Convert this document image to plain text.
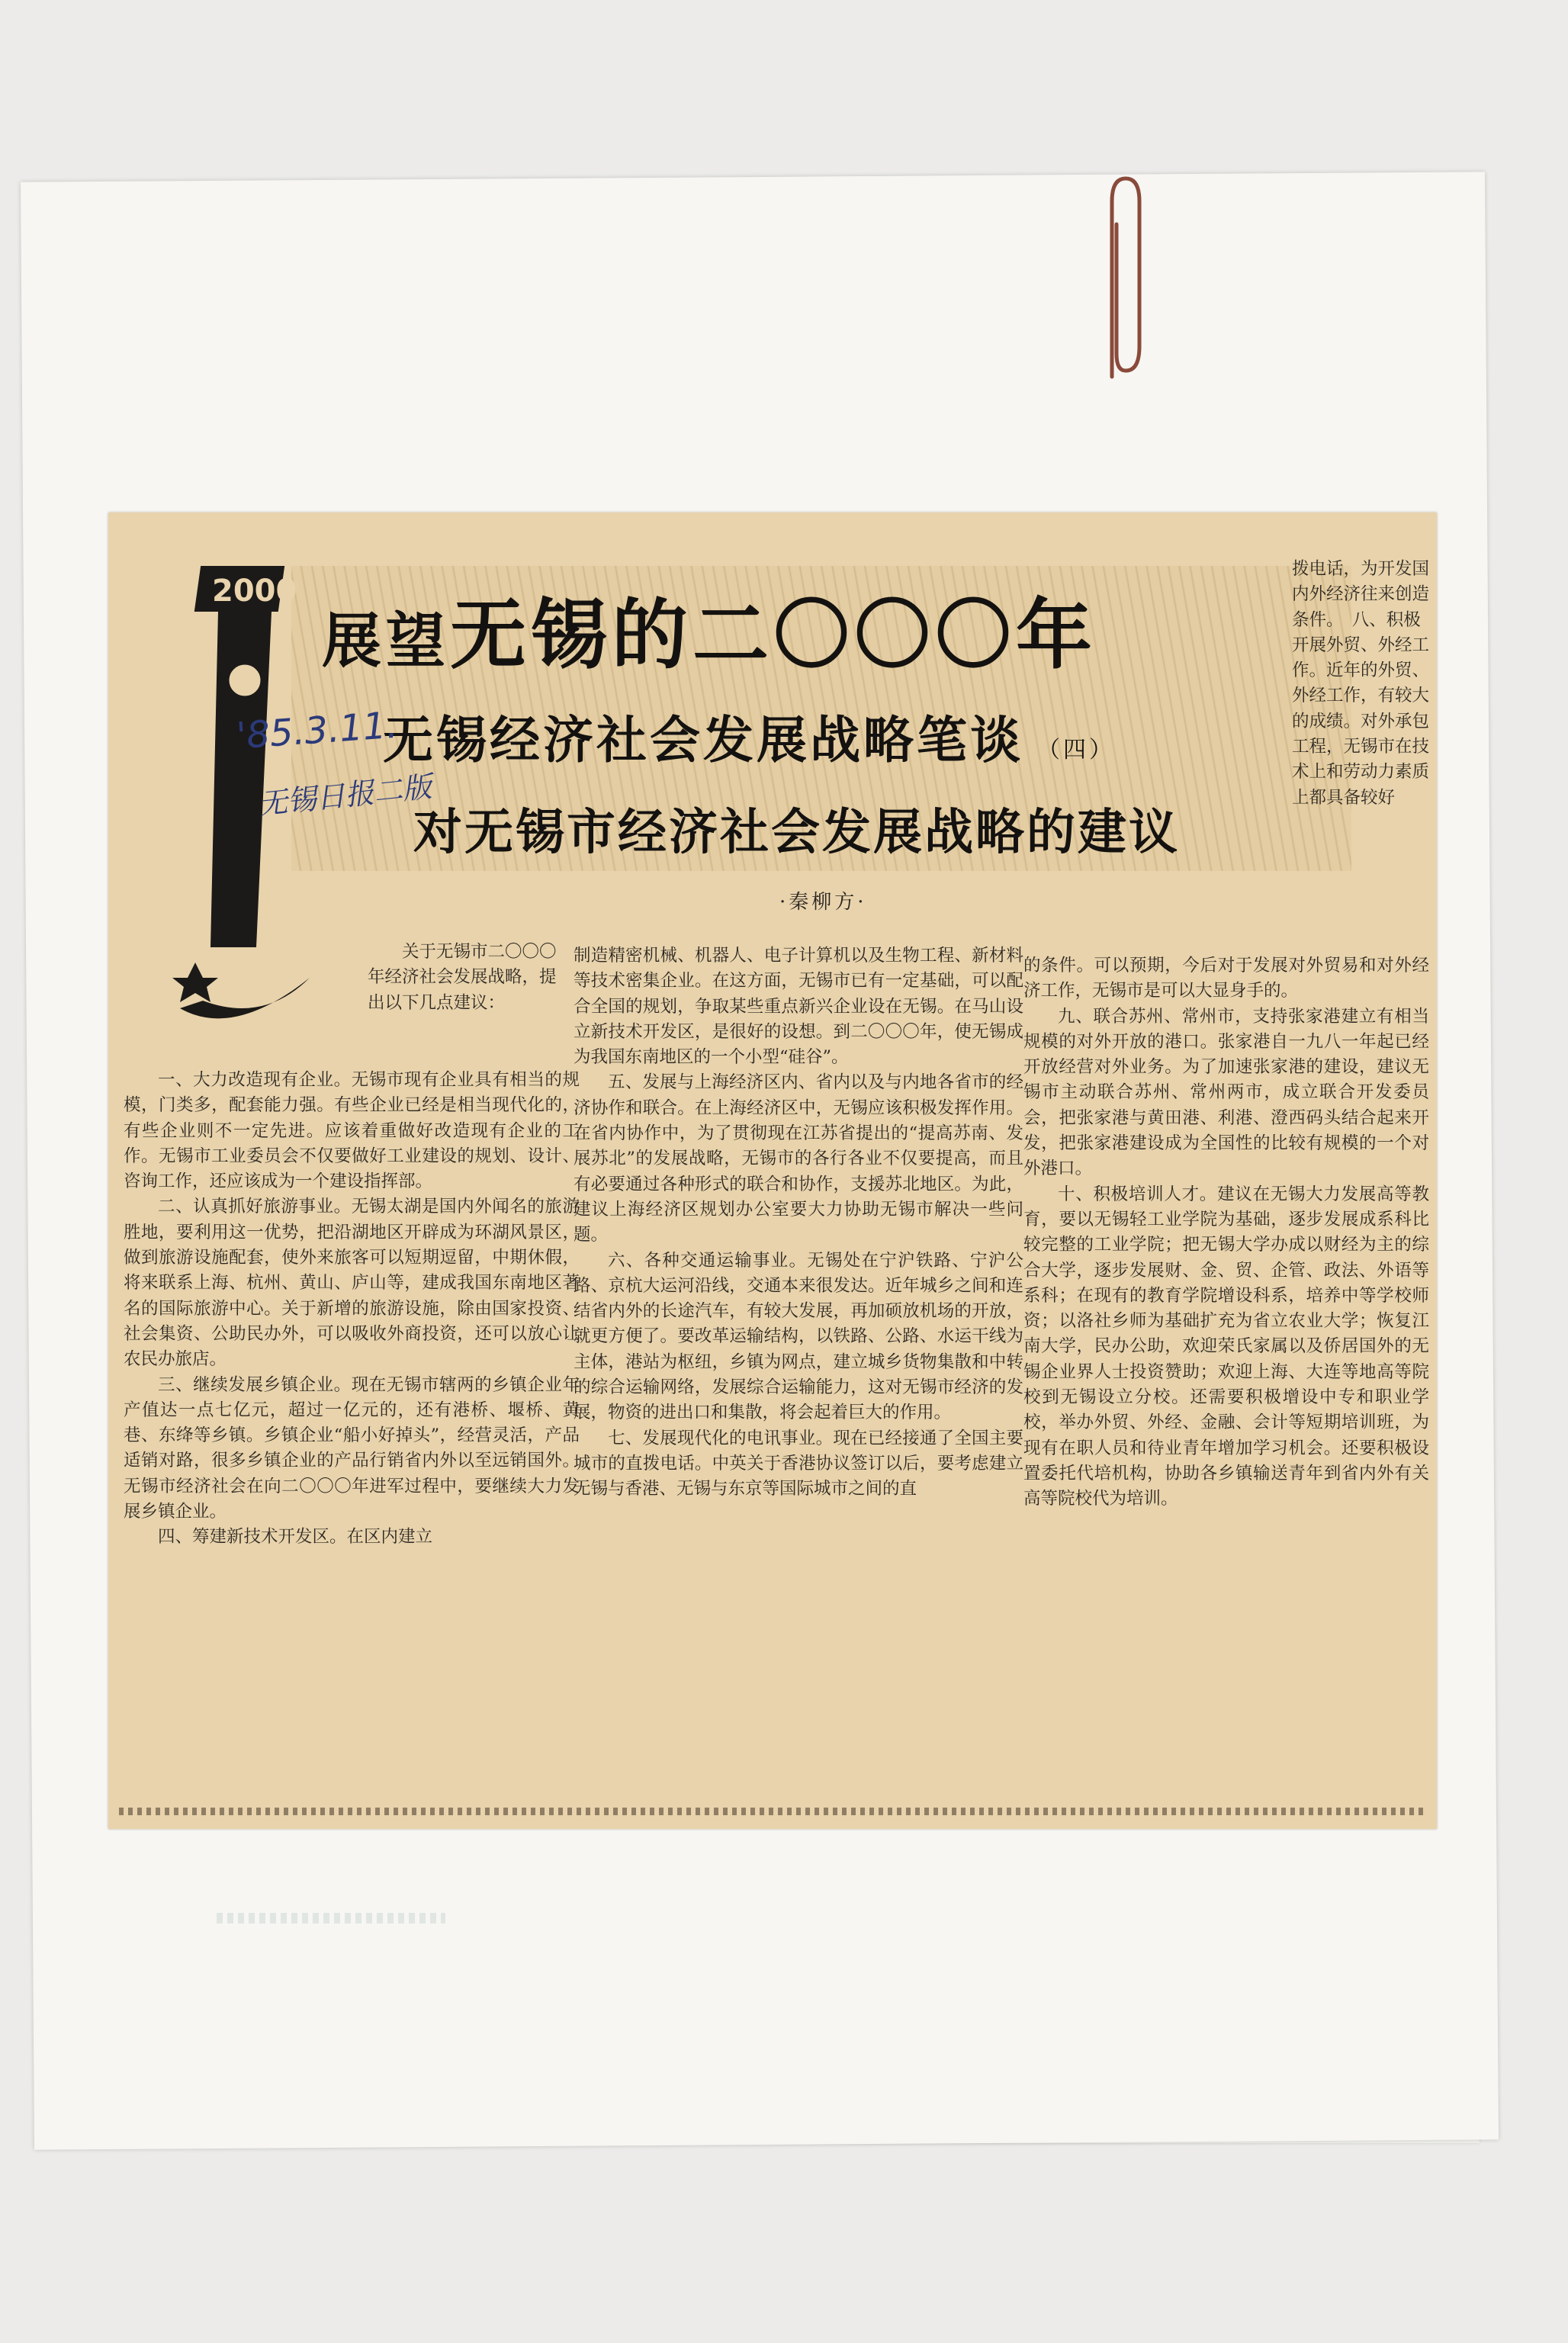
2000
展望无锡的二〇〇〇年
无锡经济社会发展战略笔谈 （四）
对无锡市经济社会发展战略的建议
·秦柳方·
'85.3.11.
无锡日报二版

拨电话，为开发国内外经济往来创造条件。　八、积极开展外贸、外经工作。近年的外贸、外经工作，有较大的成绩。对外承包工程，无锡市在技术上和劳动力素质上都具备较好

关于无锡市二〇〇〇年经济社会发展战略，提出以下几点建议：

一、大力改造现有企业。无锡市现有企业具有相当的规模，门类多，配套能力强。有些企业已经是相当现代化的，有些企业则不一定先进。应该着重做好改造现有企业的工作。无锡市工业委员会不仅要做好工业建设的规划、设计、咨询工作，还应该成为一个建设指挥部。

二、认真抓好旅游事业。无锡太湖是国内外闻名的旅游胜地，要利用这一优势，把沿湖地区开辟成为环湖风景区，做到旅游设施配套，使外来旅客可以短期逗留，中期休假，将来联系上海、杭州、黄山、庐山等，建成我国东南地区著名的国际旅游中心。关于新增的旅游设施，除由国家投资、社会集资、公助民办外，可以吸收外商投资，还可以放心让农民办旅店。

三、继续发展乡镇企业。现在无锡市辖两的乡镇企业年产值达一点七亿元，超过一亿元的，还有港桥、堰桥、黄巷、东绛等乡镇。乡镇企业“船小好掉头”，经营灵活，产品适销对路，很多乡镇企业的产品行销省内外以至远销国外。无锡市经济社会在向二〇〇〇年进军过程中，要继续大力发展乡镇企业。

四、筹建新技术开发区。在区内建立

制造精密机械、机器人、电子计算机以及生物工程、新材料等技术密集企业。在这方面，无锡市已有一定基础，可以配合全国的规划，争取某些重点新兴企业设在无锡。在马山设立新技术开发区，是很好的设想。到二〇〇〇年，使无锡成为我国东南地区的一个小型“硅谷”。

五、发展与上海经济区内、省内以及与内地各省市的经济协作和联合。在上海经济区中，无锡应该积极发挥作用。在省内协作中，为了贯彻现在江苏省提出的“提高苏南、发展苏北”的发展战略，无锡市的各行各业不仅要提高，而且有必要通过各种形式的联合和协作，支援苏北地区。为此，建议上海经济区规划办公室要大力协助无锡市解决一些问题。

六、各种交通运输事业。无锡处在宁沪铁路、宁沪公路、京杭大运河沿线，交通本来很发达。近年城乡之间和连结省内外的长途汽车，有较大发展，再加硕放机场的开放，就更方便了。要改革运输结构，以铁路、公路、水运干线为主体，港站为枢纽，乡镇为网点，建立城乡货物集散和中转的综合运输网络，发展综合运输能力，这对无锡市经济的发展，物资的进出口和集散，将会起着巨大的作用。

七、发展现代化的电讯事业。现在已经接通了全国主要城市的直拨电话。中英关于香港协议签订以后，要考虑建立无锡与香港、无锡与东京等国际城市之间的直

的条件。可以预期，今后对于发展对外贸易和对外经济工作，无锡市是可以大显身手的。

九、联合苏州、常州市，支持张家港建立有相当规模的对外开放的港口。张家港自一九八一年起已经开放经营对外业务。为了加速张家港的建设，建议无锡市主动联合苏州、常州两市，成立联合开发委员会，把张家港与黄田港、利港、澄西码头结合起来开发，把张家港建设成为全国性的比较有规模的一个对外港口。

十、积极培训人才。建议在无锡大力发展高等教育，要以无锡轻工业学院为基础，逐步发展成系科比较完整的工业学院；把无锡大学办成以财经为主的综合大学，逐步发展财、金、贸、企管、政法、外语等系科；在现有的教育学院增设科系，培养中等学校师资；以洛社乡师为基础扩充为省立农业大学；恢复江南大学，民办公助，欢迎荣氏家属以及侨居国外的无锡企业界人士投资赞助；欢迎上海、大连等地高等院校到无锡设立分校。还需要积极增设中专和职业学校，举办外贸、外经、金融、会计等短期培训班，为现有在职人员和待业青年增加学习机会。还要积极设置委托代培机构，协助各乡镇输送青年到省内外有关高等院校代为培训。
